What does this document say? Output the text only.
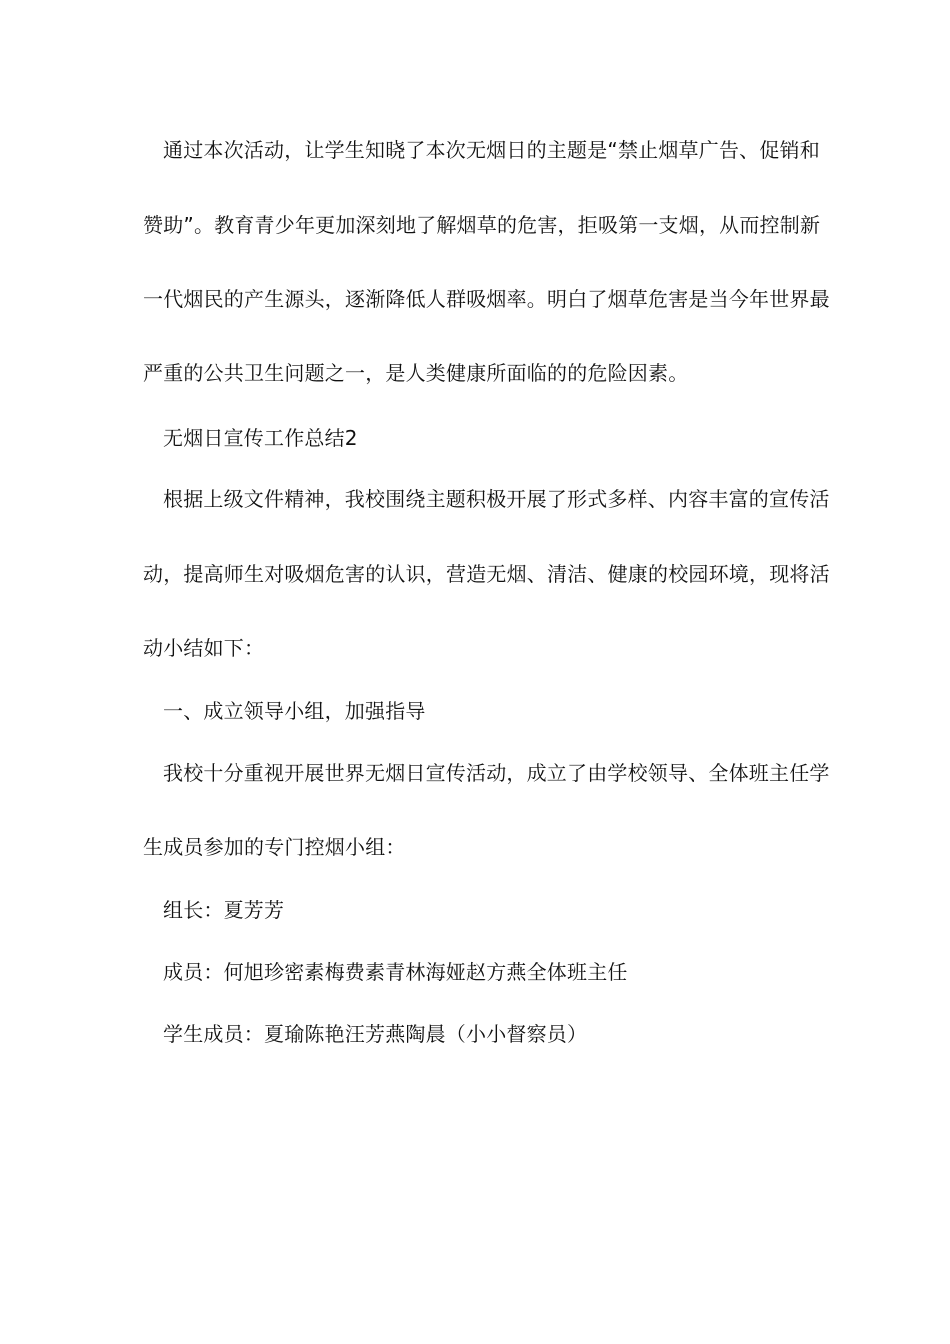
通过本次活动，让学生知晓了本次无烟日的主题是“禁止烟草广告、促销和
赞助”。教育青少年更加深刻地了解烟草的危害，拒吸第一支烟，从而控制新
一代烟民的产生源头，逐渐降低人群吸烟率。明白了烟草危害是当今年世界最
严重的公共卫生问题之一，是人类健康所面临的的危险因素。
无烟日宣传工作总结2
根据上级文件精神，我校围绕主题积极开展了形式多样、内容丰富的宣传活
动，提高师生对吸烟危害的认识，营造无烟、清洁、健康的校园环境，现将活
动小结如下：
一、成立领导小组，加强指导
我校十分重视开展世界无烟日宣传活动，成立了由学校领导、全体班主任学
生成员参加的专门控烟小组：
组长：夏芳芳
成员：何旭珍密素梅费素青林海娅赵方燕全体班主任
学生成员：夏瑜陈艳汪芳燕陶晨（小小督察员）
